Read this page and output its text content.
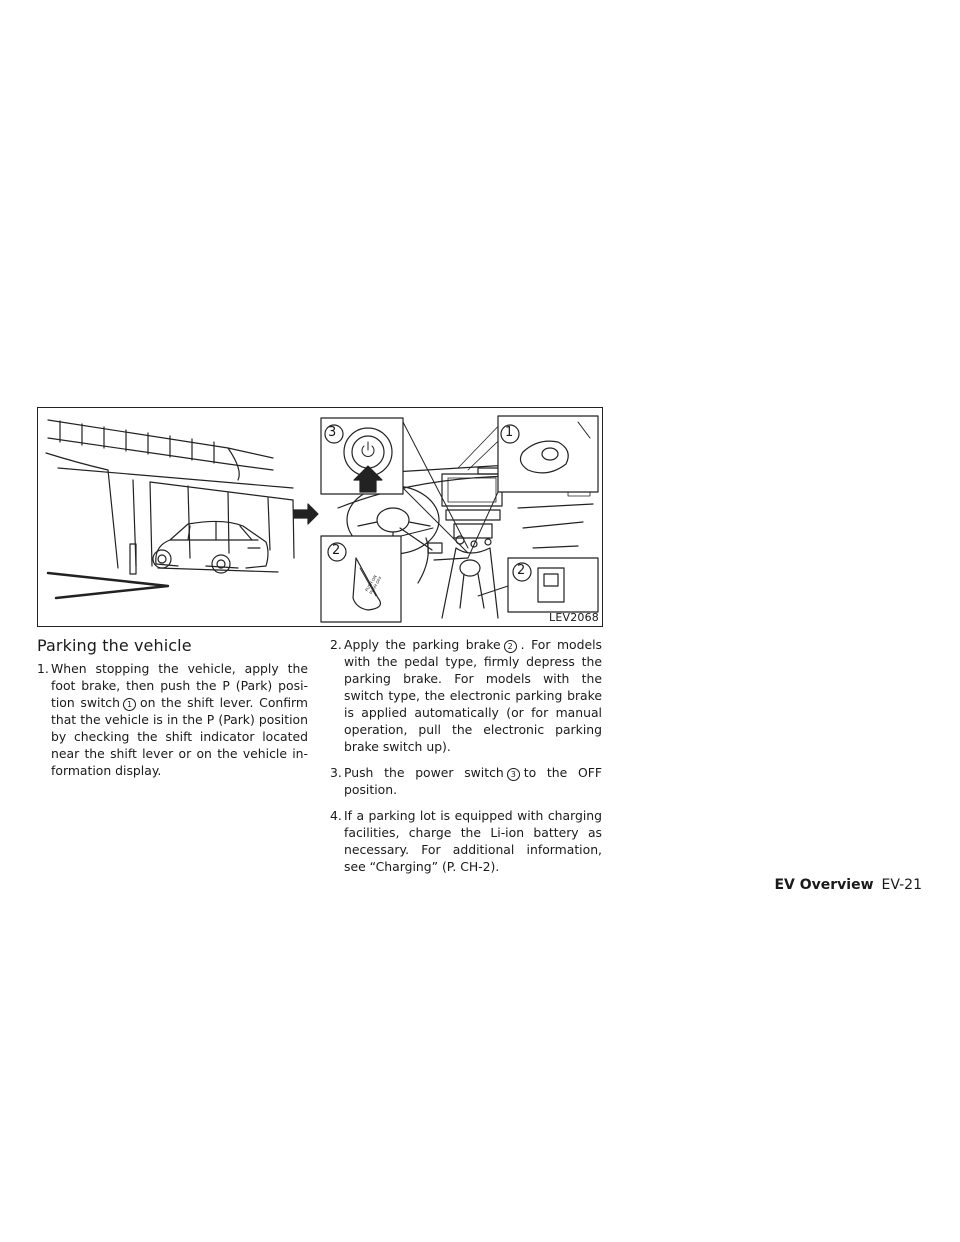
3	1
2
2
PUSH ON PUSH OFF
LEV2068
Parking the vehicle

1. When stopping the vehicle, apply the foot brake, then push the P (Park) posi- tion switch 1 on the shift lever. Confirm that the vehicle is in the P (Park) position by checking the shift indicator located near the shift lever or on the vehicle in- formation display.

2. Apply the parking brake 2 . For models with the pedal type, firmly depress the parking brake. For models with the switch type, the electronic parking brake is applied automatically (or for manual operation, pull the electronic parking brake switch up).

3. Push the power switch 3 to the OFF position.

4. If a parking lot is equipped with charging facilities, charge the Li-ion battery as necessary. For additional information, see “Charging” (P. CH-2).

EV Overview EV-21
